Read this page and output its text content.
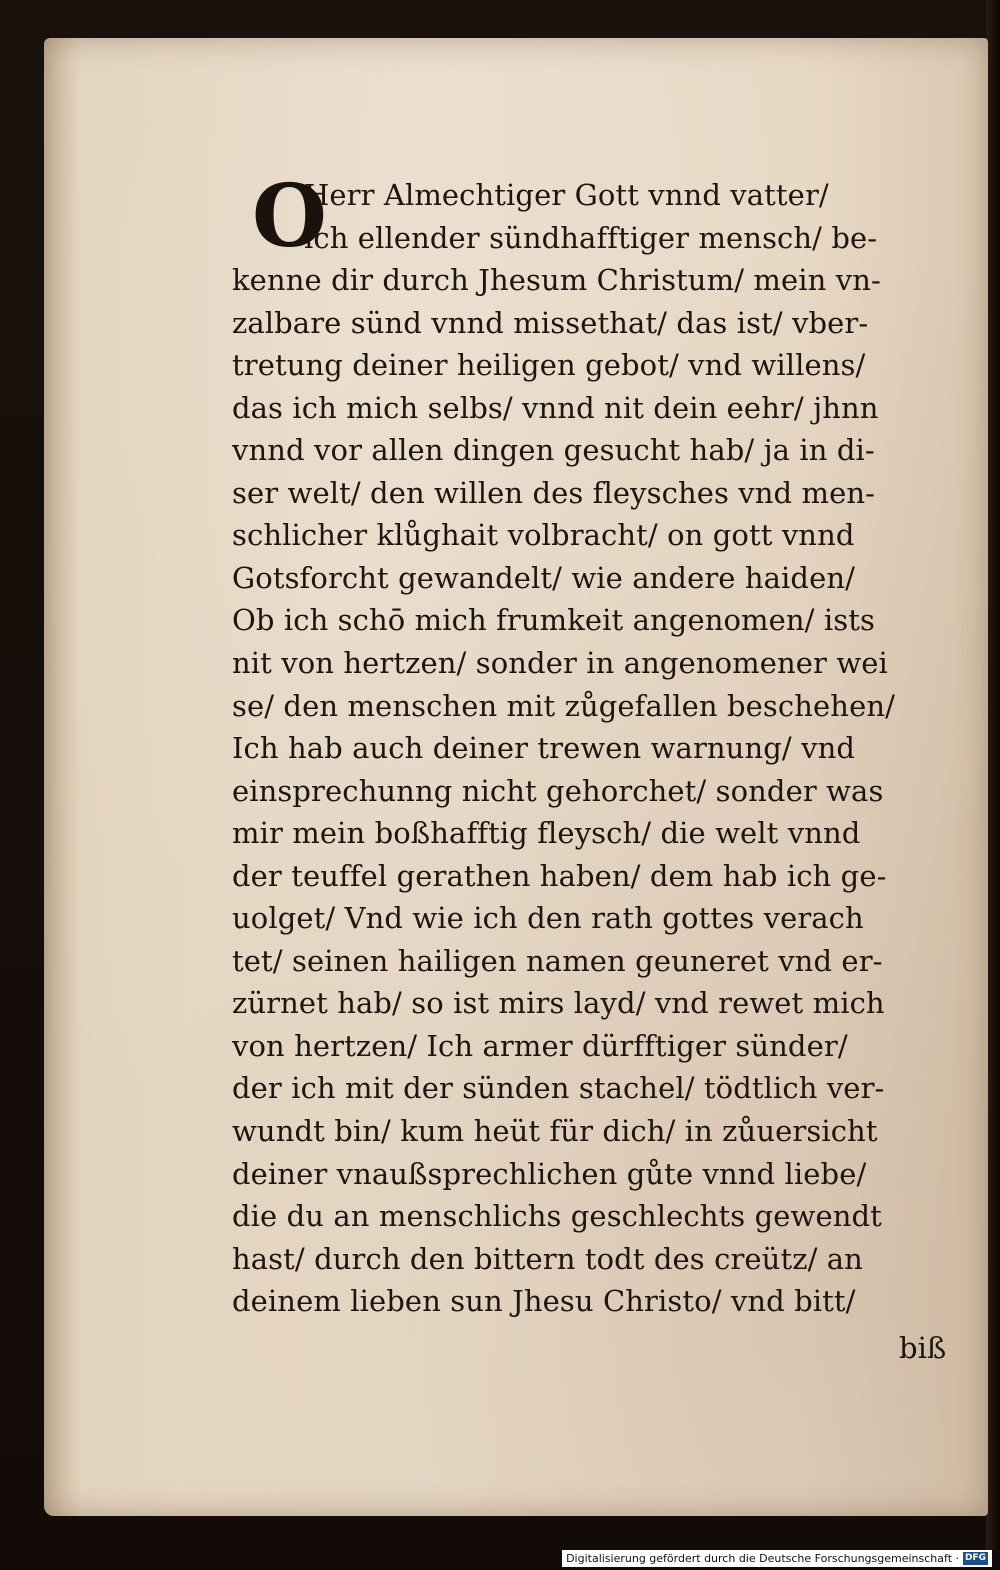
O
Herr Almechtiger Gott vnnd vatter/
ich ellender sündhafftiger mensch/ be-
kenne dir durch Jhesum Christum/ mein vn-
zalbare sünd vnnd missethat/ das ist/ vber-
tretung deiner heiligen gebot/ vnd willens/
das ich mich selbs/ vnnd nit dein eehr/ jhnn
vnnd vor allen dingen gesucht hab/ ja in di-
ser welt/ den willen des fleysches vnd men-
schlicher klůghait volbracht/ on gott vnnd
Gotsforcht gewandelt/ wie andere haiden/
Ob ich schō mich frumkeit angenomen/ ists
nit von hertzen/ sonder in angenomener wei
se/ den menschen mit zůgefallen beschehen/
Ich hab auch deiner trewen warnung/ vnd
einsprechunng nicht gehorchet/ sonder was
mir mein boßhafftig fleysch/ die welt vnnd
der teuffel gerathen haben/ dem hab ich ge-
uolget/ Vnd wie ich den rath gottes verach
tet/ seinen hailigen namen geuneret vnd er-
zürnet hab/ so ist mirs layd/ vnd rewet mich
von hertzen/ Ich armer dürfftiger sünder/
der ich mit der sünden stachel/ tödtlich ver-
wundt bin/ kum heüt für dich/ in zůuersicht
deiner vnaußsprechlichen gůte vnnd liebe/
die du an menschlichs geschlechts gewendt
hast/ durch den bittern todt des creütz/ an
deinem lieben sun Jhesu Christo/ vnd bitt/
biß
Digitalisierung gefördert durch die Deutsche Forschungsgemeinschaft · DFG
